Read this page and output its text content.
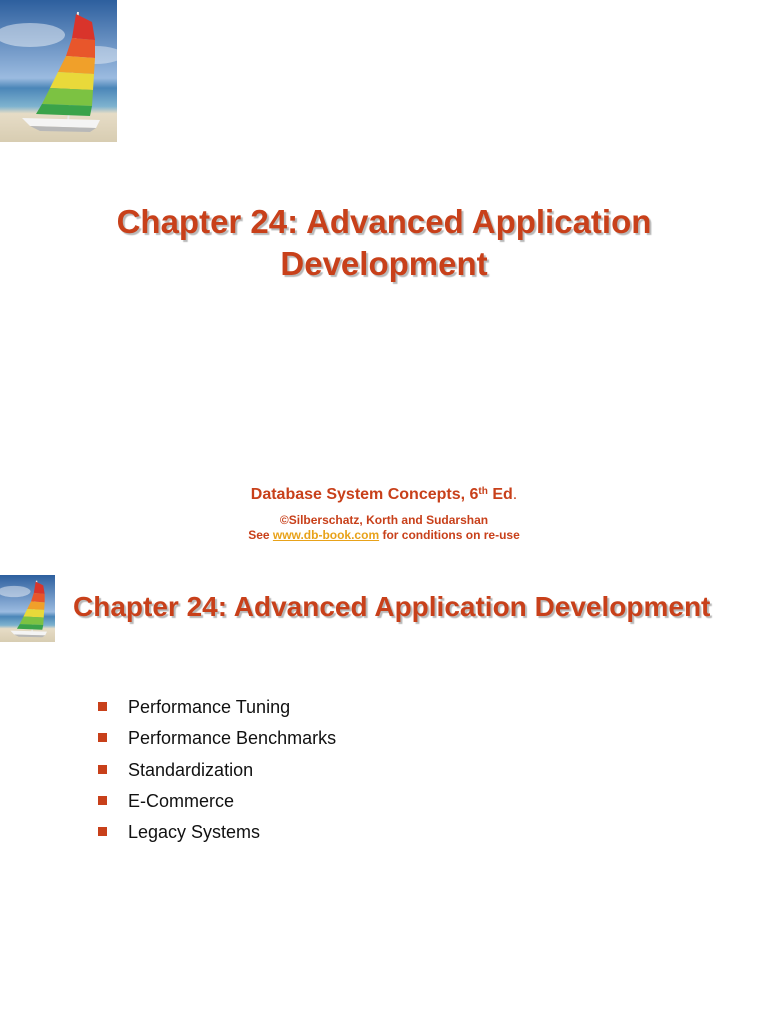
Chapter 24: Advanced Application
Development
Database System Concepts, 6th Ed.
©Silberschatz, Korth and Sudarshan
See www.db-book.com for conditions on re-use
Chapter 24: Advanced Application Development
Performance Tuning
Performance Benchmarks
Standardization
E-Commerce
Legacy Systems
